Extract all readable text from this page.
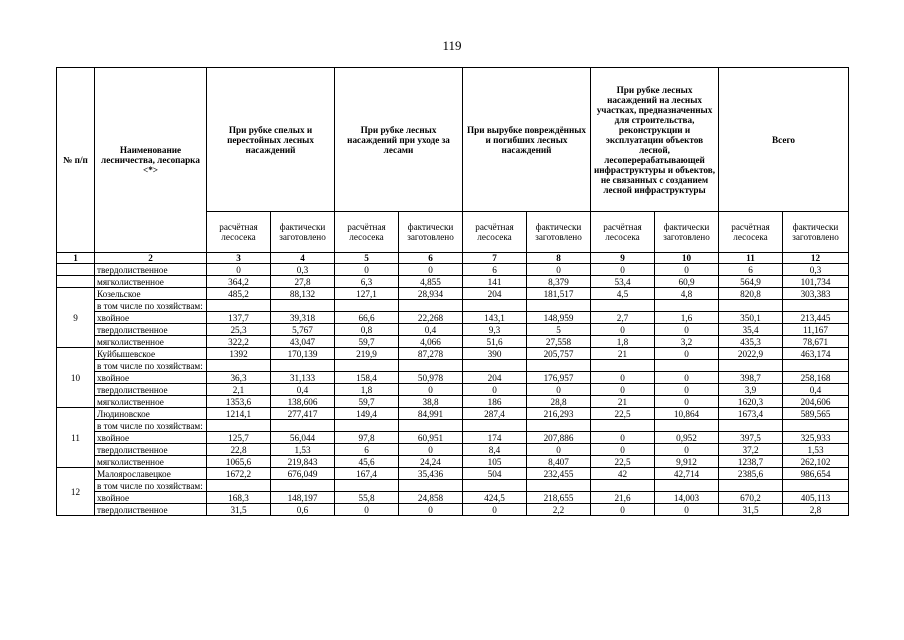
119
№ п/п	Наименование лесничества, лесопарка <*>	При рубке спелых и перестойных лесных насаждений		При рубке лесных насаждений при уходе за лесами		При вырубке повреждённых и погибших лесных насаждений		При рубке лесных насаждений на лесных участках, предназначенных для строительства, реконструкции и эксплуатации объектов лесной, лесоперерабатывающей инфраструктуры и объектов, не связанных с созданием лесной инфраструктуры		Всего	
		расчётная лесосека	фактически заготовлено	расчётная лесосека	фактически заготовлено	расчётная лесосека	фактически заготовлено	расчётная лесосека	фактически заготовлено	расчётная лесосека	фактически заготовлено
1	2	3	4	5	6	7	8	9	10	11	12
	твердолиственное	0	0,3	0	0	6	0	0	0	6	0,3
	мягколиственное	364,2	27,8	6,3	4,855	141	8,379	53,4	60,9	564,9	101,734
9	Козельское	485,2	88,132	127,1	28,934	204	181,517	4,5	4,8	820,8	303,383
	в том числе по хозяйствам:										
	хвойное	137,7	39,318	66,6	22,268	143,1	148,959	2,7	1,6	350,1	213,445
	твердолиственное	25,3	5,767	0,8	0,4	9,3	5	0	0	35,4	11,167
	мягколиственное	322,2	43,047	59,7	4,066	51,6	27,558	1,8	3,2	435,3	78,671
10	Куйбышевское	1392	170,139	219,9	87,278	390	205,757	21	0	2022,9	463,174
	в том числе по хозяйствам:										
	хвойное	36,3	31,133	158,4	50,978	204	176,957	0	0	398,7	258,168
	твердолиственное	2,1	0,4	1,8	0	0	0	0	0	3,9	0,4
	мягколиственное	1353,6	138,606	59,7	38,8	186	28,8	21	0	1620,3	204,606
11	Людиновское	1214,1	277,417	149,4	84,991	287,4	216,293	22,5	10,864	1673,4	589,565
	в том числе по хозяйствам:										
	хвойное	125,7	56,044	97,8	60,951	174	207,886	0	0,952	397,5	325,933
	твердолиственное	22,8	1,53	6	0	8,4	0	0	0	37,2	1,53
	мягколиственное	1065,6	219,843	45,6	24,24	105	8,407	22,5	9,912	1238,7	262,102
12	Малоярославецкое	1672,2	676,049	167,4	35,436	504	232,455	42	42,714	2385,6	986,654
	в том числе по хозяйствам:										
	хвойное	168,3	148,197	55,8	24,858	424,5	218,655	21,6	14,003	670,2	405,113
	твердолиственное	31,5	0,6	0	0	0	2,2	0	0	31,5	2,8
